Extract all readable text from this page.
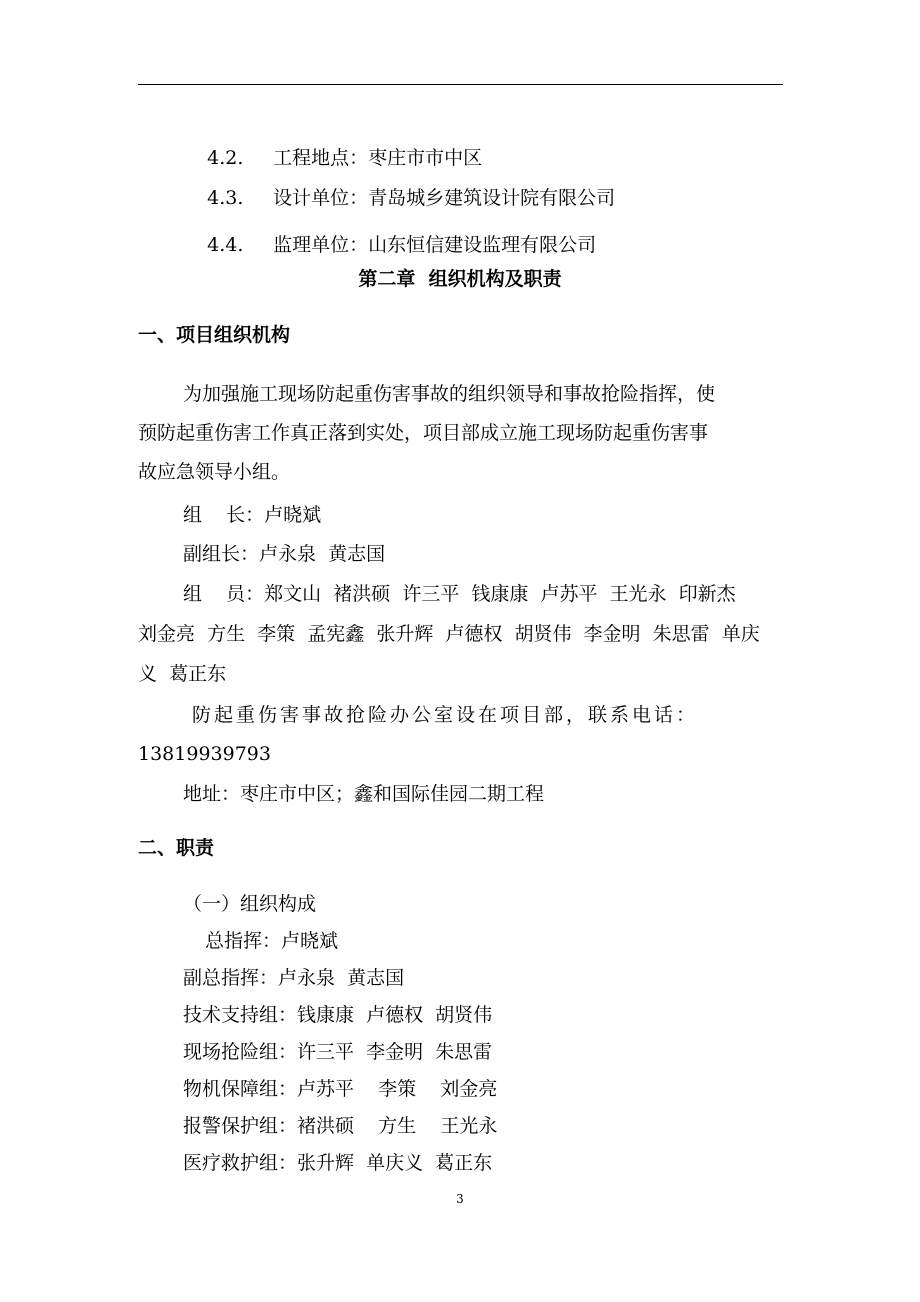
4.2. 工程地点：枣庄市市中区

4.3. 设计单位：青岛城乡建筑设计院有限公司

4.4. 监理单位：山东恒信建设监理有限公司

第二章  组织机构及职责
一、项目组织机构
为加强施工现场防起重伤害事故的组织领导和事故抢险指挥，使
预防起重伤害工作真正落到实处，项目部成立施工现场防起重伤害事
故应急领导小组。
组    长：卢晓斌
副组长：卢永泉  黄志国
组    员：郑文山  褚洪硕  许三平  钱康康  卢苏平  王光永  印新杰
刘金亮  方生  李策  孟宪鑫  张升辉  卢德权  胡贤伟  李金明  朱思雷  单庆
义  葛正东
防起重伤害事故抢险办公室设在项目部，联系电话：
13819939793
地址：枣庄市中区；鑫和国际佳园二期工程
二、职责
（一）组织构成
总指挥：卢晓斌
副总指挥：卢永泉  黄志国
技术支持组：钱康康  卢德权  胡贤伟
现场抢险组：许三平  李金明  朱思雷
物机保障组：卢苏平    李策    刘金亮
报警保护组：褚洪硕    方生    王光永
医疗救护组：张升辉  单庆义  葛正东
3
